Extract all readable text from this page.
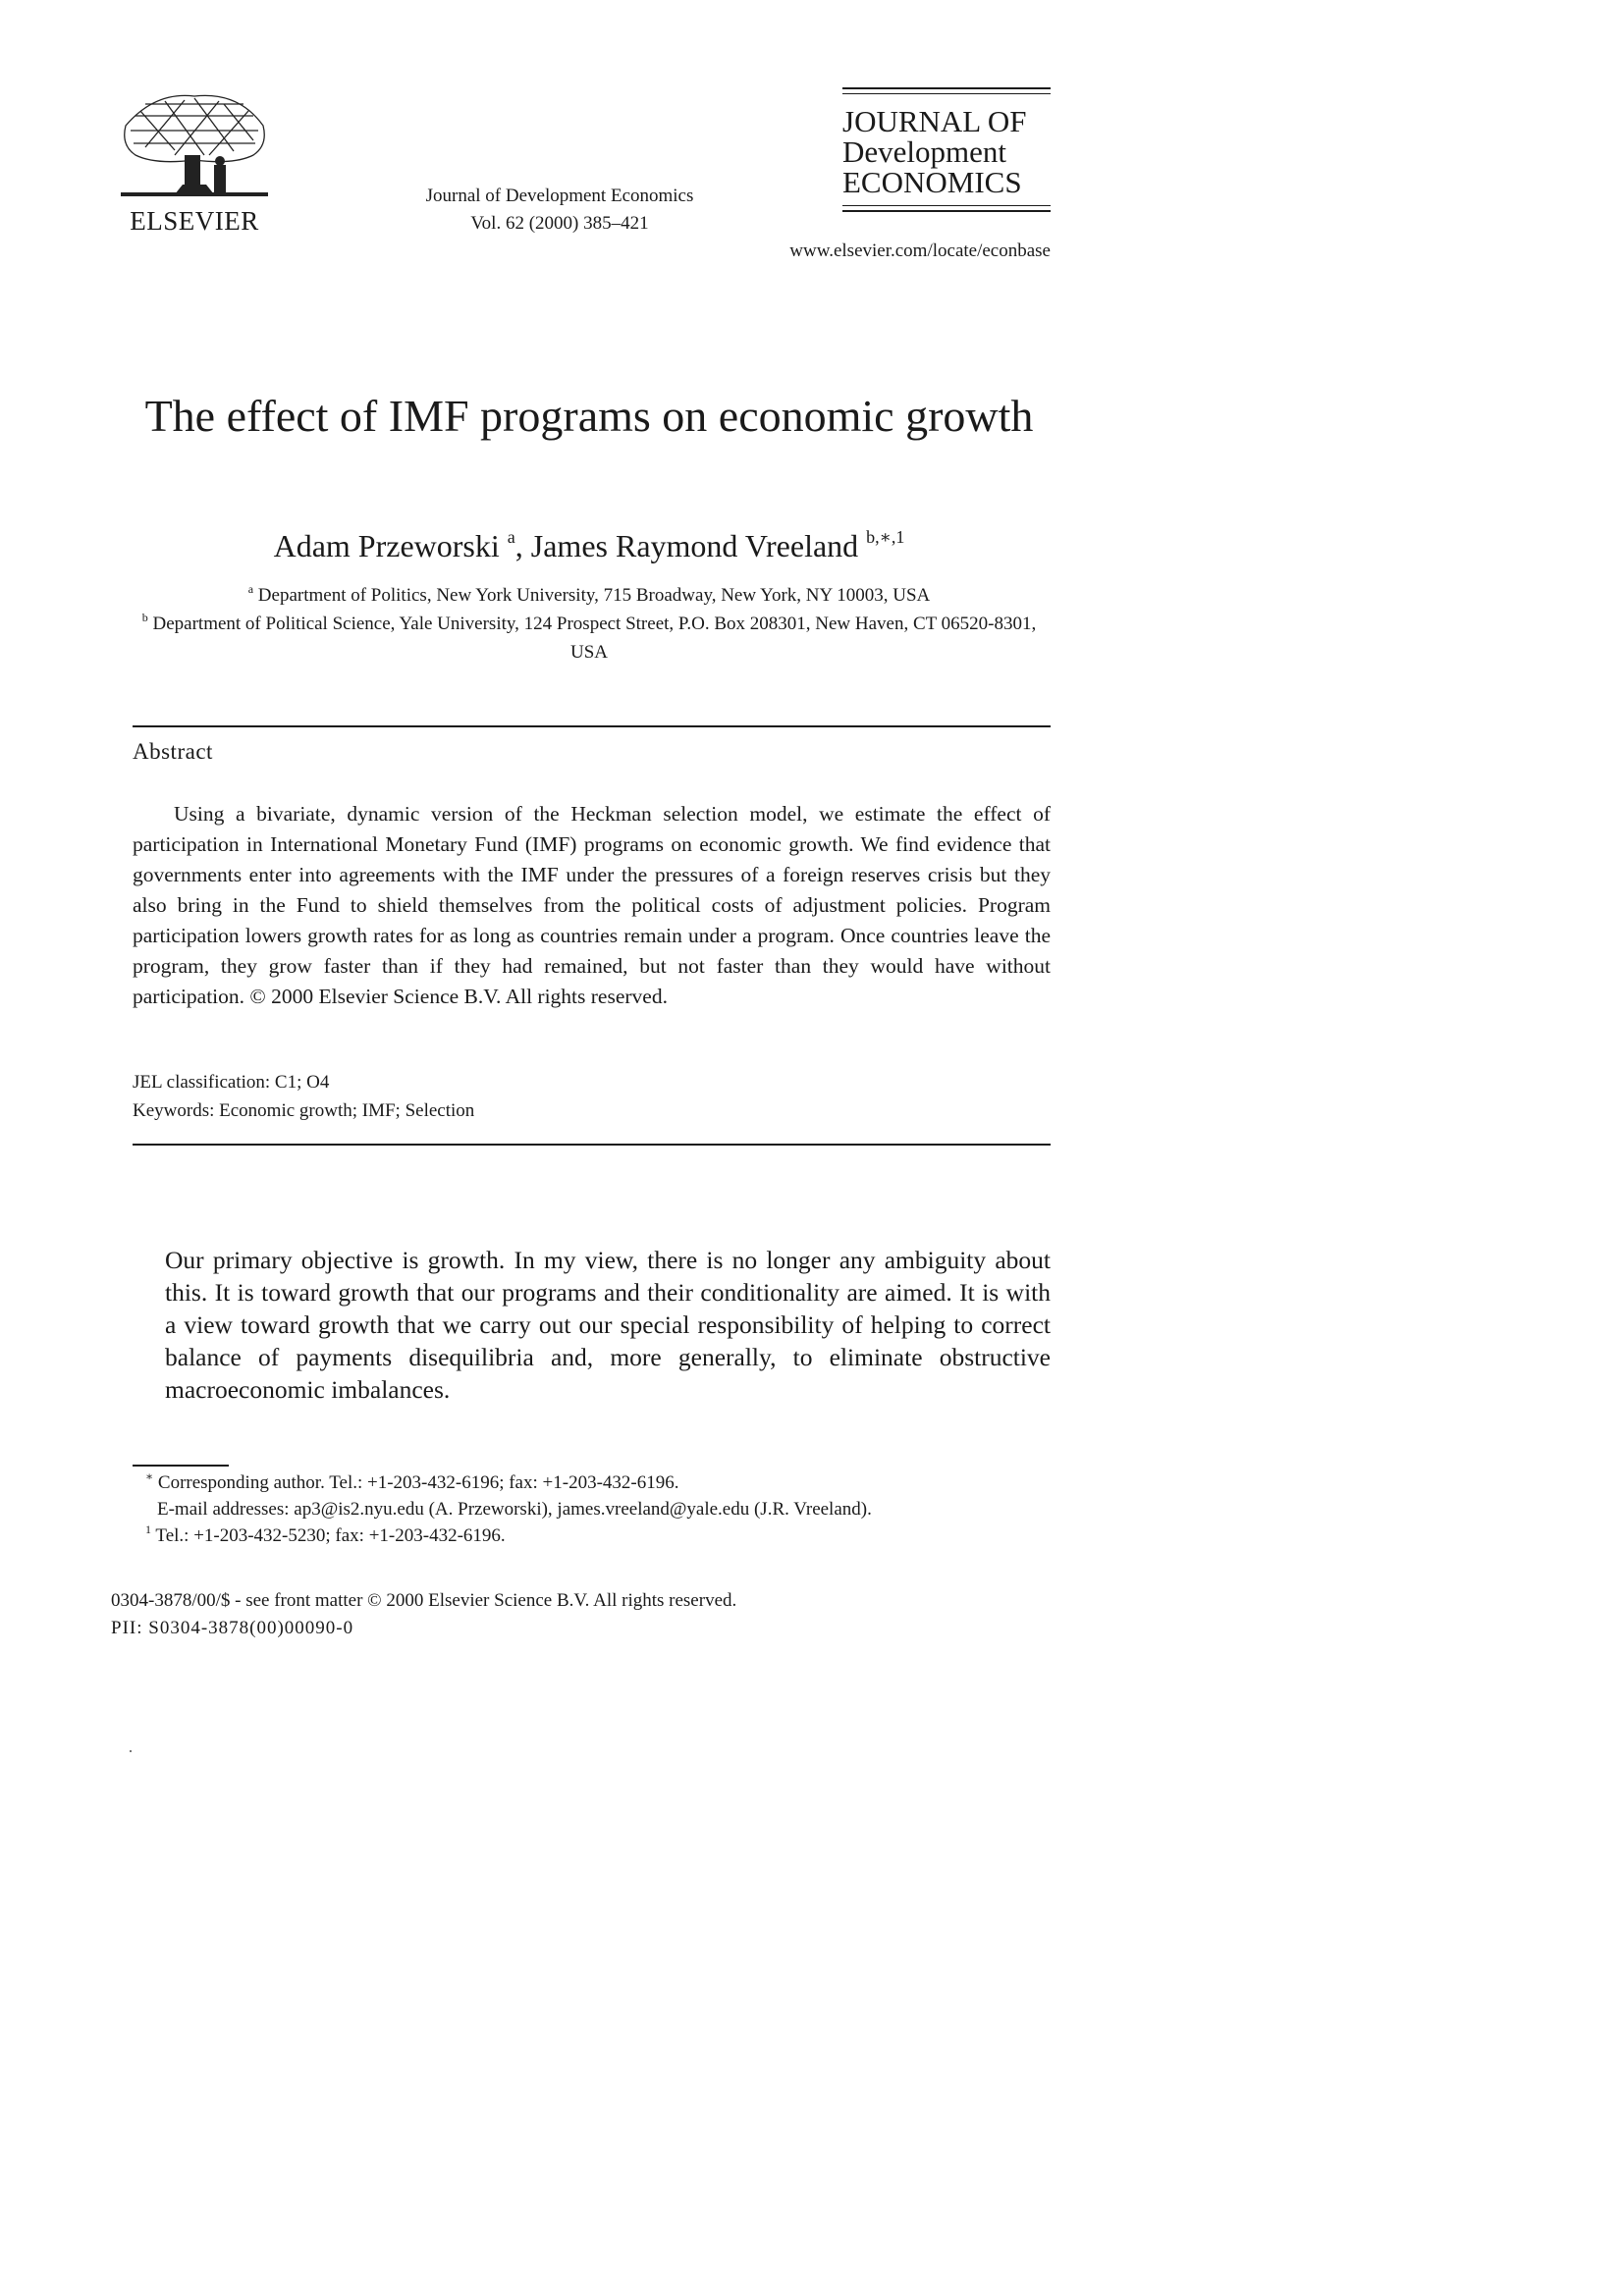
ELSEVIER
Journal of Development Economics
Vol. 62 (2000) 385–421
JOURNAL OF
Development
ECONOMICS
www.elsevier.com/locate/econbase
The effect of IMF programs on economic growth
Adam Przeworski $^a$, James Raymond Vreeland $^{b,∗,1}$
$^a$ Department of Politics, New York University, 715 Broadway, New York, NY 10003, USA
$^b$ Department of Political Science, Yale University, 124 Prospect Street, P.O. Box 208301, New Haven, CT 06520-8301, USA
Abstract

Using a bivariate, dynamic version of the Heckman selection model, we estimate the effect of participation in International Monetary Fund (IMF) programs on economic growth. We find evidence that governments enter into agreements with the IMF under the pressures of a foreign reserves crisis but they also bring in the Fund to shield themselves from the political costs of adjustment policies. Program participation lowers growth rates for as long as countries remain under a program. Once countries leave the program, they grow faster than if they had remained, but not faster than they would have without participation. © 2000 Elsevier Science B.V. All rights reserved.

JEL classification: C1; O4
Keywords: Economic growth; IMF; Selection

Our primary objective is growth. In my view, there is no longer any ambiguity about this. It is toward growth that our programs and their conditionality are aimed. It is with a view toward growth that we carry out our special responsibility of helping to correct balance of payments disequilibria and, more generally, to eliminate obstructive macroeconomic imbalances.

∗ Corresponding author. Tel.: +1-203-432-6196; fax: +1-203-432-6196.
E-mail addresses: ap3@is2.nyu.edu (A. Przeworski), james.vreeland@yale.edu (J.R. Vreeland).
$^1$ Tel.: +1-203-432-5230; fax: +1-203-432-6196.
0304-3878/00/$ - see front matter © 2000 Elsevier Science B.V. All rights reserved.
PII: S0304-3878(00)00090-0
